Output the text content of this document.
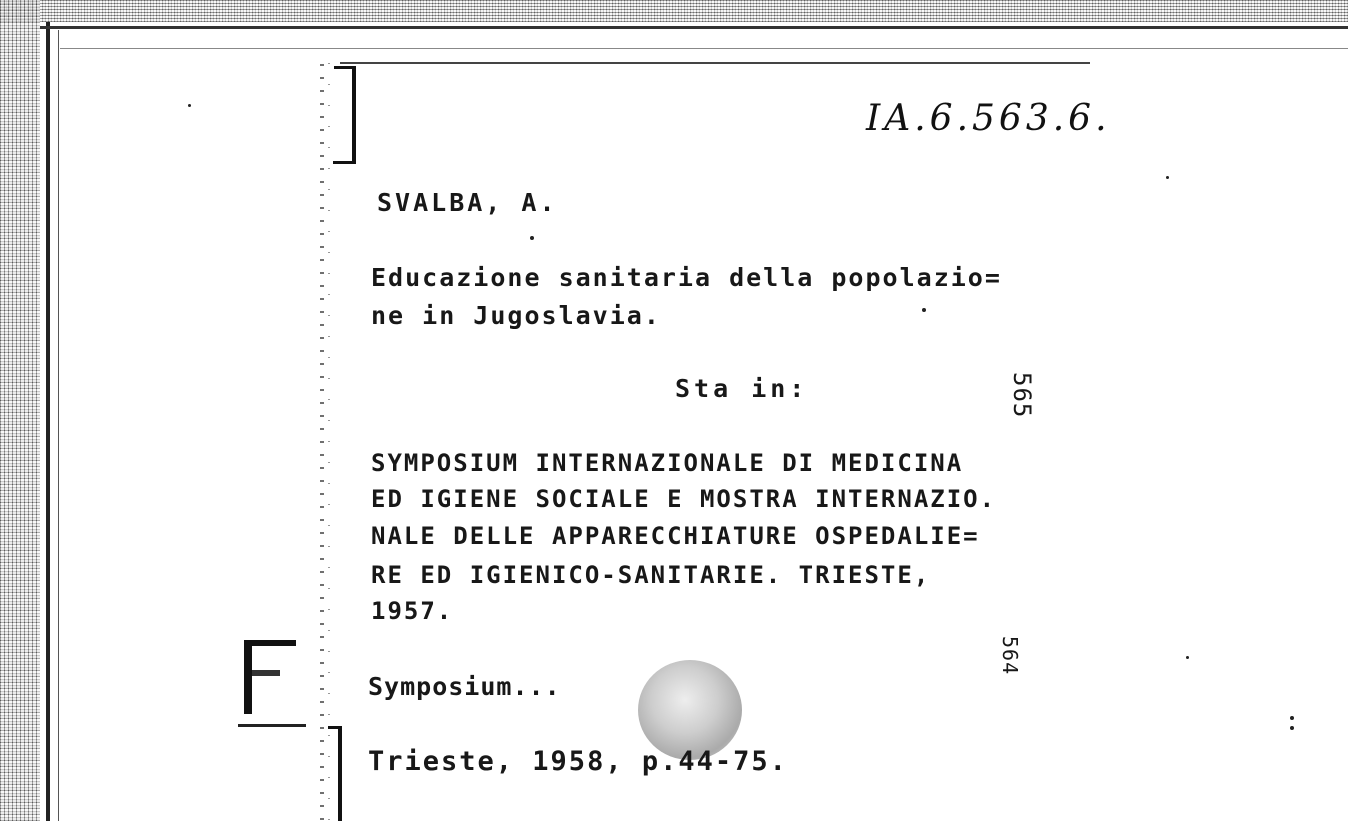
IA.6.563.6.
SVALBA, A.
Educazione sanitaria della popolazio=
ne in Jugoslavia.
Sta in:	565
SYMPOSIUM INTERNAZIONALE DI MEDICINA
ED IGIENE SOCIALE E MOSTRA INTERNAZIO.
NALE DELLE APPARECCHIATURE OSPEDALIE=
RE ED IGIENICO-SANITARIE. TRIESTE,
1957.
564
Symposium...
Trieste, 1958, p.44-75.
